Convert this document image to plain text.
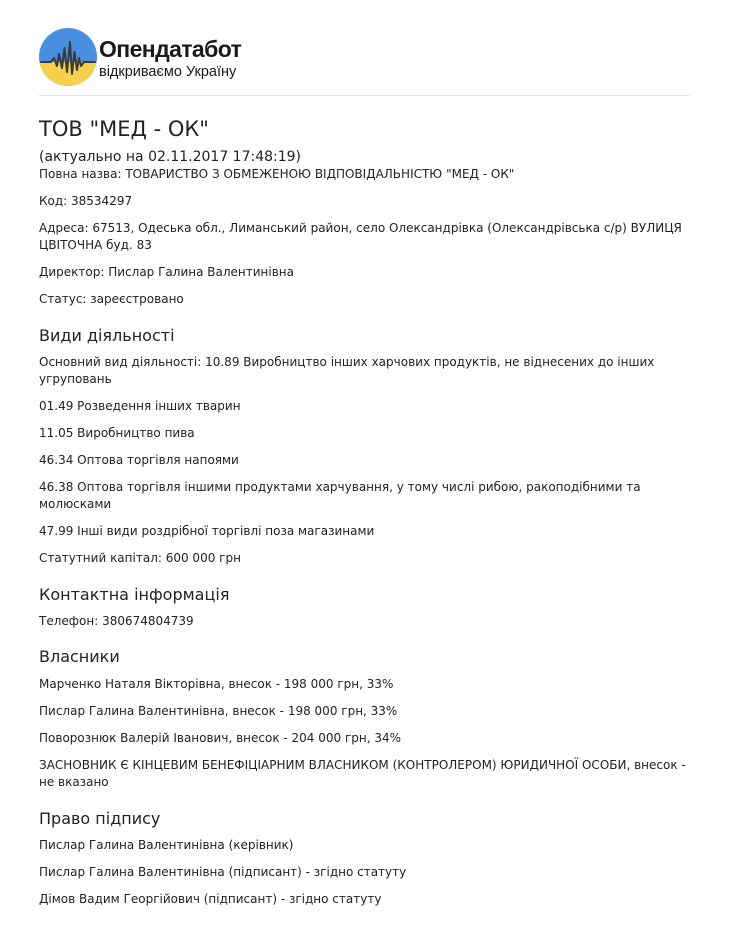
Опендатабот
відкриваємо Україну
ТОВ "МЕД - ОК"
(актуально на 02.11.2017 17:48:19)

Повна назва: ТОВАРИСТВО З ОБМЕЖЕНОЮ ВІДПОВІДАЛЬНІСТЮ "МЕД - ОК"

Код: 38534297

Адреса: 67513, Одеська обл., Лиманський район, село Олександрівка (Олександрівська с/р) ВУЛИЦЯ ЦВІТОЧНА буд. 83

Директор: Пислар Галина Валентинівна

Статус: зареєстровано

Види діяльності

Основний вид діяльності: 10.89 Виробництво інших харчових продуктів, не віднесених до інших угруповань

01.49 Розведення інших тварин

11.05 Виробництво пива

46.34 Оптова торгівля напоями

46.38 Оптова торгівля іншими продуктами харчування, у тому числі рибою, ракоподібними та молюсками

47.99 Інші види роздрібної торгівлі поза магазинами

Статутний капітал: 600 000 грн

Контактна інформація

Телефон: 380674804739

Власники

Марченко Наталя Вікторівна, внесок - 198 000 грн, 33%

Пислар Галина Валентинівна, внесок - 198 000 грн, 33%

Поворознюк Валерій Іванович, внесок - 204 000 грн, 34%

ЗАСНОВНИК Є КІНЦЕВИМ БЕНЕФІЦІАРНИМ ВЛАСНИКОМ (КОНТРОЛЕРОМ) ЮРИДИЧНОЇ ОСОБИ, внесок - не вказано

Право підпису

Пислар Галина Валентинівна (керівник)

Пислар Галина Валентинівна (підписант) - згідно статуту

Дімов Вадим Георгійович (підписант) - згідно статуту
